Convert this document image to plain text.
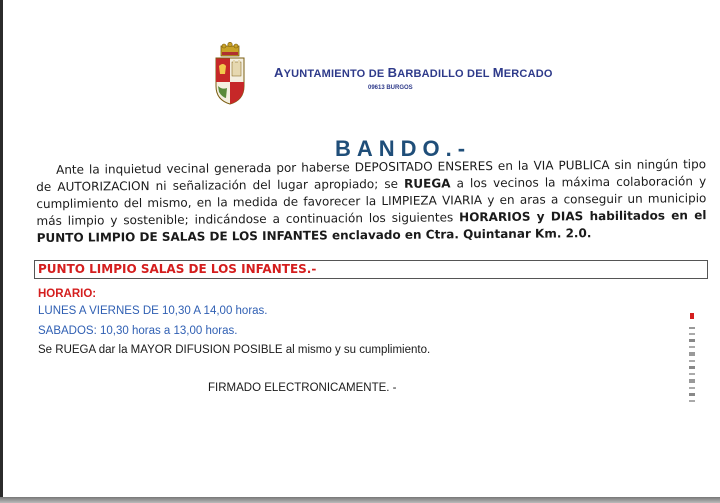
AYUNTAMIENTO DE BARBADILLO DEL MERCADO
09613 BURGOS
BANDO.-

Ante la inquietud vecinal generada por haberse DEPOSITADO ENSERES en la VIA PUBLICA sin ningún tipo de AUTORIZACION ni señalización del lugar apropiado; se RUEGA a los vecinos la máxima colaboración y cumplimiento del mismo, en la medida de favorecer la LIMPIEZA VIARIA y en aras a conseguir un municipio más limpio y sostenible; indicándose a continuación los siguientes HORARIOS y DIAS habilitados en el PUNTO LIMPIO DE SALAS DE LOS INFANTES enclavado en Ctra. Quintanar Km. 2.0.

PUNTO LIMPIO SALAS DE LOS INFANTES.-
HORARIO:
LUNES A VIERNES DE 10,30 A 14,00 horas.
SABADOS: 10,30 horas a 13,00 horas.
Se RUEGA dar la MAYOR DIFUSION POSIBLE al mismo y su cumplimiento.
FIRMADO ELECTRONICAMENTE. -
